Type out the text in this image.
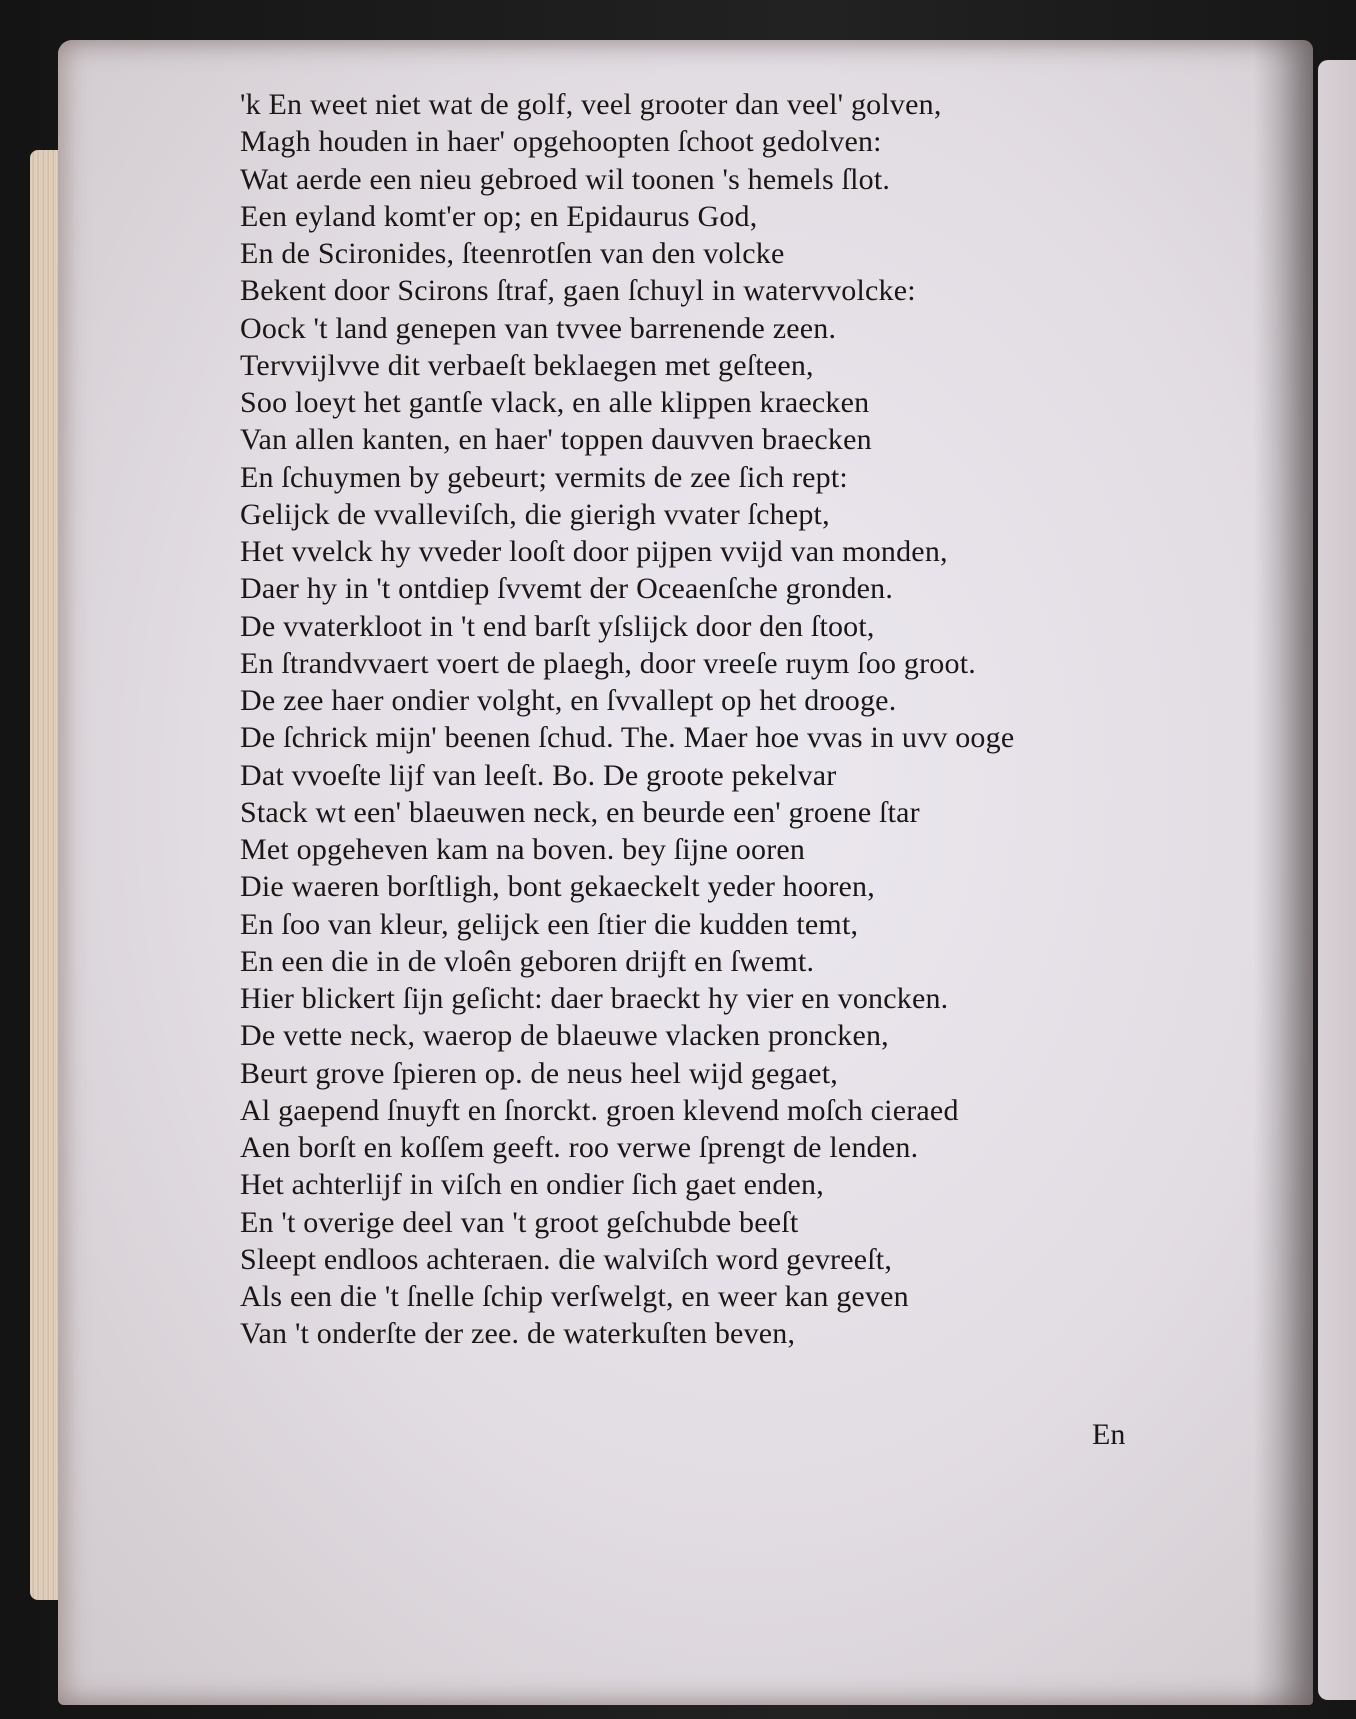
'k En weet niet wat de golf, veel grooter dan veel' golven,
Magh houden in haer' opgehoopten ſchoot gedolven:
Wat aerde een nieu gebroed wil toonen 's hemels ſlot.
Een eyland komt'er op; en Epidaurus God,
En de Scironides, ſteenrotſen van den volcke
Bekent door Scirons ſtraf, gaen ſchuyl in watervvolcke:
Oock 't land genepen van tvvee barrenende zeen.
Tervvijlvve dit verbaeſt beklaegen met geſteen,
Soo loeyt het gantſe vlack, en alle klippen kraecken
Van allen kanten, en haer' toppen dauvven braecken
En ſchuymen by gebeurt; vermits de zee ſich rept:
Gelijck de vvalleviſch, die gierigh vvater ſchept,
Het vvelck hy vveder looſt door pijpen vvijd van monden,
Daer hy in 't ontdiep ſvvemt der Oceaenſche gronden.
De vvaterkloot in 't end barſt yſslijck door den ſtoot,
En ſtrandvvaert voert de plaegh, door vreeſe ruym ſoo groot.
De zee haer ondier volght, en ſvvallept op het drooge.
De ſchrick mijn' beenen ſchud. The. Maer hoe vvas in uvv ooge
Dat vvoeſte lijf van leeſt. Bo. De groote pekelvar
Stack wt een' blaeuwen neck, en beurde een' groene ſtar
Met opgeheven kam na boven. bey ſijne ooren
Die waeren borſtligh, bont gekaeckelt yeder hooren,
En ſoo van kleur, gelijck een ſtier die kudden temt,
En een die in de vloên geboren drijft en ſwemt.
Hier blickert ſijn geſicht: daer braeckt hy vier en voncken.
De vette neck, waerop de blaeuwe vlacken proncken,
Beurt grove ſpieren op. de neus heel wijd gegaet,
Al gaepend ſnuyft en ſnorckt. groen klevend moſch cieraed
Aen borſt en koſſem geeft. roo verwe ſprengt de lenden.
Het achterlijf in viſch en ondier ſich gaet enden,
En 't overige deel van 't groot geſchubde beeſt
Sleept endloos achteraen. die walviſch word gevreeſt,
Als een die 't ſnelle ſchip verſwelgt, en weer kan geven
Van 't onderſte der zee. de waterkuſten beven,
En
